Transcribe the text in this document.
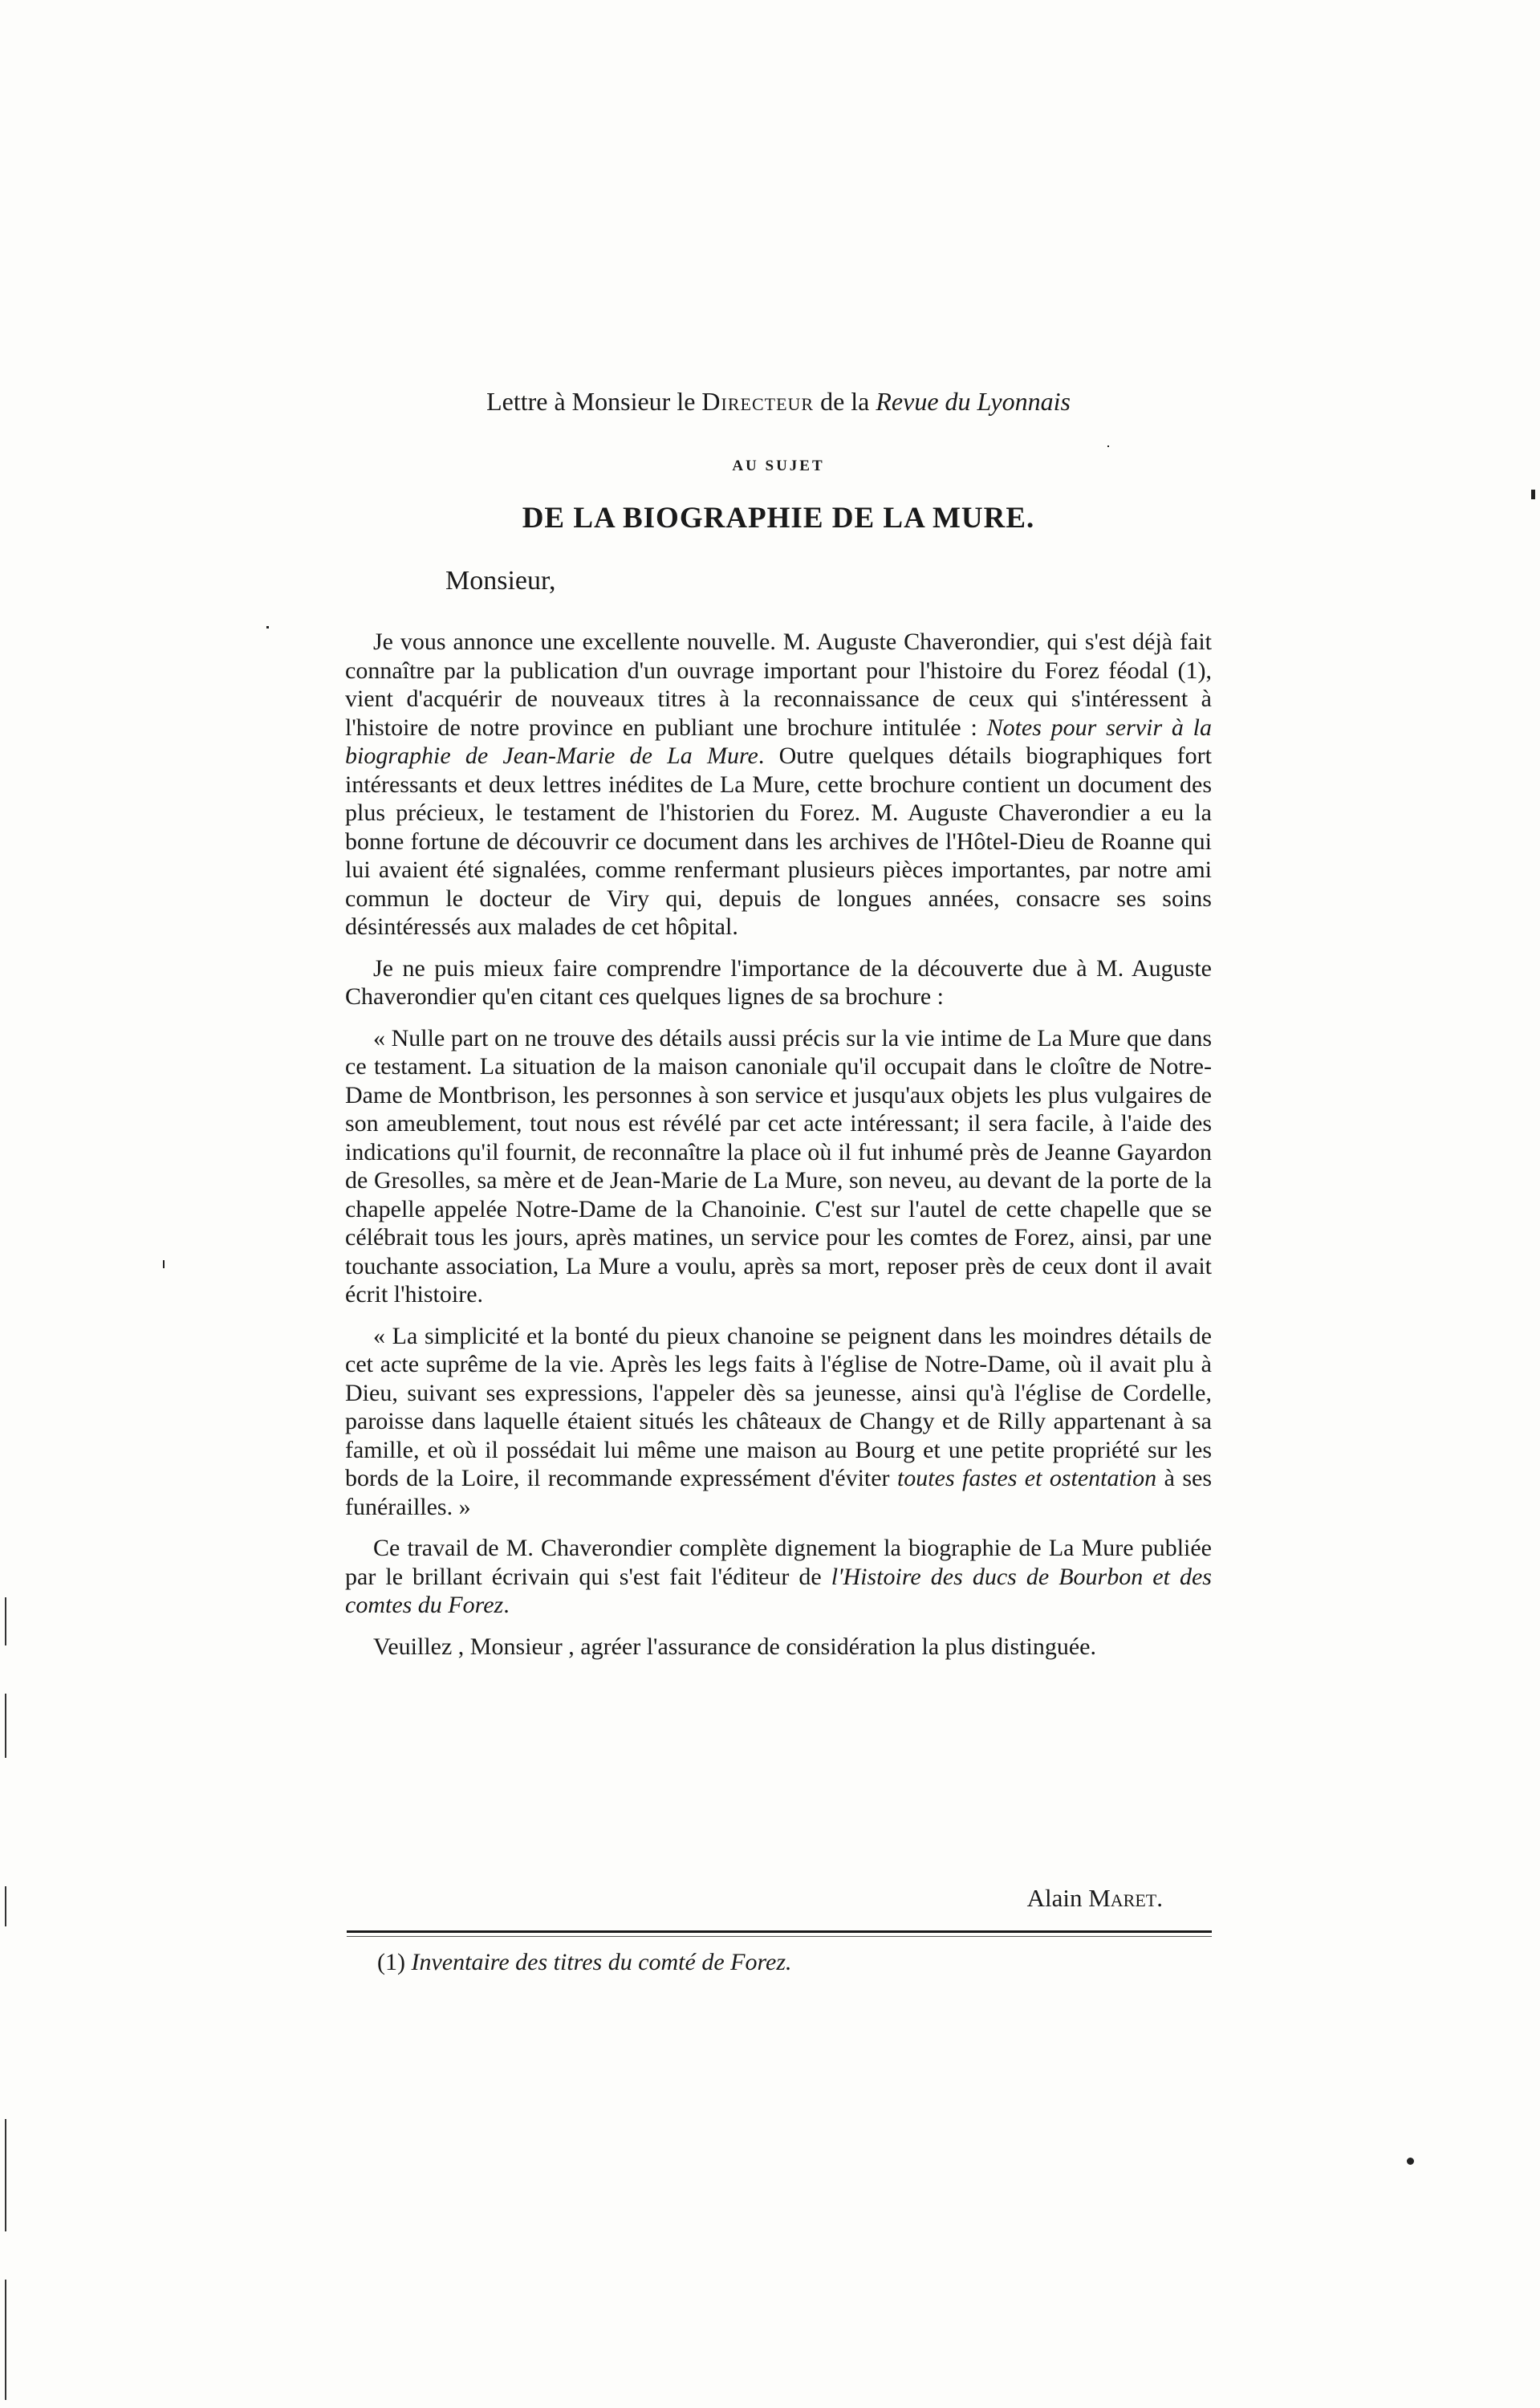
Lettre à Monsieur le Directeur de la Revue du Lyonnais
AU SUJET
DE LA BIOGRAPHIE DE LA MURE.
Monsieur,

Je vous annonce une excellente nouvelle. M. Auguste Chaverondier, qui s'est déjà fait connaître par la publication d'un ouvrage important pour l'histoire du Forez féodal (1), vient d'acquérir de nouveaux titres à la reconnaissance de ceux qui s'intéressent à l'histoire de notre province en publiant une brochure intitulée : Notes pour servir à la biographie de Jean-Marie de La Mure. Outre quelques détails biographiques fort intéressants et deux lettres inédites de La Mure, cette brochure contient un document des plus précieux, le testament de l'historien du Forez. M. Auguste Chaverondier a eu la bonne fortune de découvrir ce document dans les archives de l'Hôtel-Dieu de Roanne qui lui avaient été signalées, comme renfermant plusieurs pièces importantes, par notre ami commun le docteur de Viry qui, depuis de longues années, consacre ses soins désintéressés aux malades de cet hôpital.

Je ne puis mieux faire comprendre l'importance de la découverte due à M. Auguste Chaverondier qu'en citant ces quelques lignes de sa brochure :

« Nulle part on ne trouve des détails aussi précis sur la vie intime de La Mure que dans ce testament. La situation de la maison canoniale qu'il occupait dans le cloître de Notre-Dame de Montbrison, les personnes à son service et jusqu'aux objets les plus vulgaires de son ameublement, tout nous est révélé par cet acte intéressant; il sera facile, à l'aide des indications qu'il fournit, de reconnaître la place où il fut inhumé près de Jeanne Gayardon de Gresolles, sa mère et de Jean-Marie de La Mure, son neveu, au devant de la porte de la chapelle appelée Notre-Dame de la Chanoinie. C'est sur l'autel de cette chapelle que se célébrait tous les jours, après matines, un service pour les comtes de Forez, ainsi, par une touchante association, La Mure a voulu, après sa mort, reposer près de ceux dont il avait écrit l'histoire.

« La simplicité et la bonté du pieux chanoine se peignent dans les moindres détails de cet acte suprême de la vie. Après les legs faits à l'église de Notre-Dame, où il avait plu à Dieu, suivant ses expressions, l'appeler dès sa jeunesse, ainsi qu'à l'église de Cordelle, paroisse dans laquelle étaient situés les châteaux de Changy et de Rilly appartenant à sa famille, et où il possédait lui même une maison au Bourg et une petite propriété sur les bords de la Loire, il recommande expressément d'éviter toutes fastes et ostentation à ses funérailles. »

Ce travail de M. Chaverondier complète dignement la biographie de La Mure publiée par le brillant écrivain qui s'est fait l'éditeur de l'Histoire des ducs de Bourbon et des comtes du Forez.

Veuillez , Monsieur , agréer l'assurance de considération la plus distinguée.

Alain Maret.
(1) Inventaire des titres du comté de Forez.
